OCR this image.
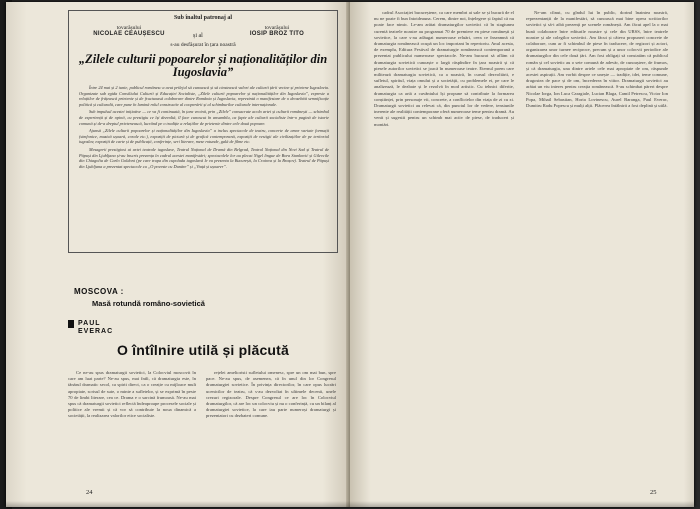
Sub înaltul patronaj al
tovarășului
NICOLAE CEAUȘESCU	și al
tovarășului
IOSIP BROZ TITO
s-au desfășurat în țara noastră
„Zilele culturii popoarelor și naționalităților din Iugoslavia”

Între 24 mai și 2 iunie, publicul românesc a avut prilejul să cunoască și să cinstească valori ale culturii țării vecine și prietene Iugoslavia. Organizate sub egida Consiliului Culturii și Educației Socialiste, „Zilele culturii popoarelor și naționalităților din Iugoslavia”, expresie a relațiilor de frățească prietenie și de fructuoasă colaborare dintre România și Iugoslavia, reprezintă o manifestare de o deosebită semnificație politică și culturală, care pune în lumină rolul constructiv al cooperării și al schimburilor culturale internaționale.

Sub impulsul acestei inițiative — ce va fi continuată, în țara vecină, prin „Zilele” consacrate acolo artei și culturii românești — schimbul de experiență și de opinii, cu prestigiu ce își dezvoltă, îl face cunoscut în ansamblu, ca fapte ale culturii socialiste într-o pagină de istorie comună și de-a dreptul prietenească, lucrând pe o tradiție a relațiilor de prietenie dintre cele două popoare.

Ajunsă „Zilele culturii popoarelor și naționalităților din Iugoslavia” a inclus spectacole de teatru, concerte de amor variate formații (simfonice, muzică ușoară, corale etc.), expoziții de pictură și de grafică contemporană, expoziții de vestigii ale civilizațiilor de pe teritoriul iugoslav, expoziții de carte și de publicații, conferințe, seri literare, mese rotunde, gală de filme etc.

Mesagerii prestigiosi ai artei teatrale iugoslave, Teatrul Național de Dramă din Belgrad, Teatrul Național din Novi Sad și Teatrul de Păpuși din Ljubljana și-au înscris prezența în cadrul acestei manifestări; spectacolele lor au plecat Nigel lingue de Bora Stanković și Gilevcile din Chiagolia de Carlo Goldoni (pe care trupa din cupolada iugoslavă le va prezenta la București, la Craiova și la Brașov). Teatrul de Păpuși din Ljubljana a prezentat spectacole cu „O poveste cu Dunăre” și „Viață și ușoarer”.

MOSCOVA :
Masă rotundă româno-sovietică
PAUL
EVERAC
O întîlnire utilă și plăcută

Ce ne-au spus dramaturgii sovietici, la Colocviul moscovit în care am luat parte? Ne-au spus, mai întîi, că dramaturgia este, în tânărul dramatic secol, ca spirit direct, ca o creație cu mijloace mult apropiate, scrisul de sute, o minte a sufletelor, și se exprimă în peste 70 de limbi literare, cea ce. Drama e o sarcină frumoasă. Ne-au mai spus că dramaturgii sovietici reflectă îndeaproape procesele sociale și politice ale vremii și că vor să contribuie la noua dinamică a societății, la realizarea valorilor etice socialiste.

rețelei amelioristi sufletului omenesc, spre un om mai bun, spre pace. Ne-au spus, de asemenea, că în unul din lor Congresul dramaturgiei sovietice. În privința directorilor, în care opus lucrări ucenicilor de teatru, că s-au dezvoltat în ultimele decenii, unele crezuri regizorale. Despre Congresul ce are loc în Colocviul dramaturgilor, că are loc un colocviu și nu o conferință, cu un bilanț al dramaturgiei sovietice, la care iau parte numeroși dramaturgi și prezentatori cu dezbateri comune.

24

cadrul Asociației bucureștene, ca care membri ai sale se și bucură de el nu ne poate fi bun întotdeauna. Cerem, dintre noi, înțelegere și faptul că nu poate face nimic. Le-am arătat dramaturgilor sovietici că în stagiunea curentă teatrele noastre au programat 70 de premiere en piese românești și sovietice, la care s-au adăugat numeroase reluări, ceea ce înseamnă că dramaturgia românească ocupă un loc important în repertoriu. Anul acesta, de exemplu, Editura Festival de dramaturgie românească contemporană a prezentat publicului numeroase spectacole. Ne-am bucurat să aflăm că dramaturgia sovietică cunoaște o largă răspîndire în țara noastră și că piesele autorilor sovietici se joacă în numeroase teatre. Eternul poem care militează dramaturgia sovietică, ca a noastră, în cursul dezvoltării, e sufletul, spiritul, viața omului și a societății, cu problemele ei, pe care le analizează, le dezbate și le rezolvă în mod artistic. Cu tehnici diferite, dramaturgia ca artă a cuvântului își propune să contribuie la formarea conștiinței, prin personaje vii, concrete, a conflictelor din viața de zi cu zi. Dramaturgii sovietici au relevat că, din punctul lor de vedere, tensiunile inerente ale realității contemporane oferă numeroase teme pentru dramă. Au venit și sugestii pentru un schimb mai activ de piese, de traduceri și montări.

Ne-am cîinut, cu gîndul lui în public, dorind înaintea noastră, reprezentanții de la manifestări, să cunoască mai bine opera scriitorilor sovietici și să-i aibă prezenți pe scenele românești. Am făcut apel la o mai bună colaborare între editurile noastre și cele din URSS, între teatrele noastre și ale colegilor sovietici. Am făcut și câteva propuneri concrete de colaborare, cum ar fi schimbul de piese în traducere, de regizori și actori, organizarea unor turnee reciproce, precum și a unor colocvii periodice ale dramaturgilor din cele două țări. Am fost obligați să constatăm că publicul român și cel sovietic au o sete comună de adevăr, de cunoaștere, de frumos, și că dramaturgia, una dintre artele cele mai apropiate de om, răspunde acestei aspirații. Am vorbit despre ce unește — tradiție, idei, teme comune, dragostea de pace și de om, încrederea în viitor. Dramaturgii sovietici au arătat un viu interes pentru creația românească. S-au schimbat păreri despre Nicolae Iorga, Ion Luca Caragiale, Lucian Blaga, Camil Petrescu, Victor Ion Popa, Mihail Sebastian, Horia Lovinescu, Aurel Baranga, Paul Everac, Dumitru Radu Popescu și mulți alții. Plăcerea întâlnirii a fost deplină și utilă.

25
